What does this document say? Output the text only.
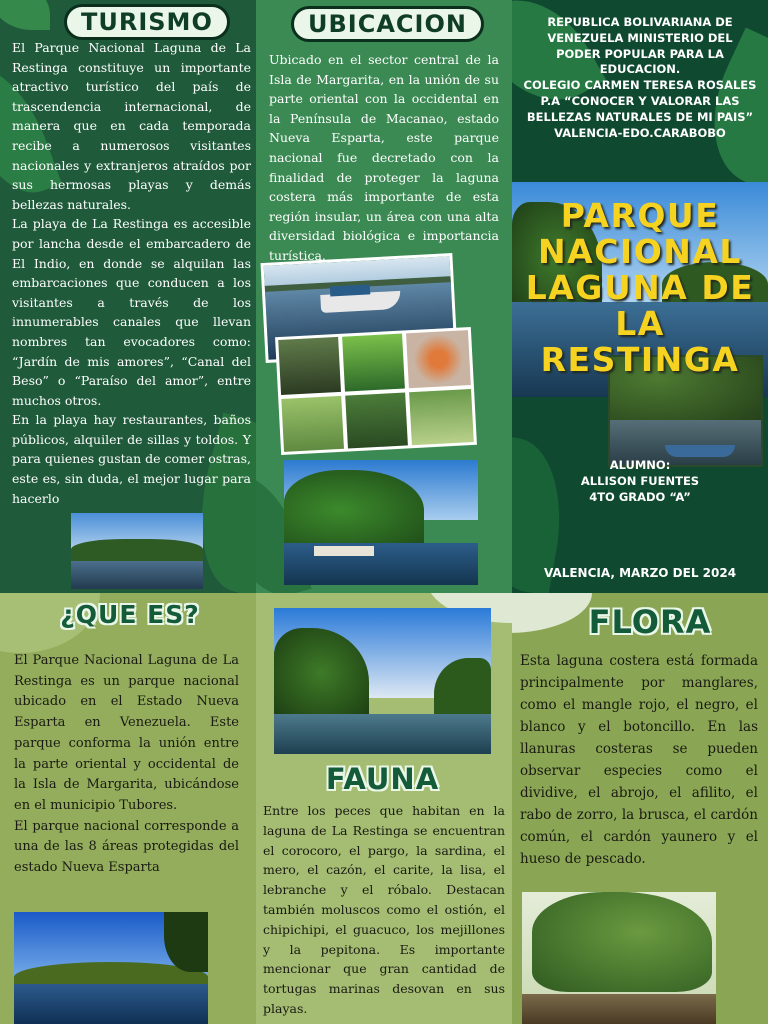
TURISMO

El Parque Nacional Laguna de La Restinga constituye un importante atractivo turístico del país de trascendencia internacional, de manera que en cada temporada recibe a numerosos visitantes nacionales y extranjeros atraídos por sus hermosas playas y demás bellezas naturales.

La playa de La Restinga es accesible por lancha desde el embarcadero de El Indio, en donde se alquilan las embarcaciones que conducen a los visitantes a través de los innumerables canales que llevan nombres tan evocadores como: “Jardín de mis amores”, “Canal del Beso” o “Paraíso del amor”, entre muchos otros.

En la playa hay restaurantes, baños públicos, alquiler de sillas y toldos. Y para quienes gustan de comer ostras, este es, sin duda, el mejor lugar para hacerlo

UBICACION
Ubicado en el sector central de la Isla de Margarita, en la unión de su parte oriental con la occidental en la Península de Macanao, estado Nueva Esparta, este parque nacional fue decretado con la finalidad de proteger la laguna costera más importante de esta región insular, un área con una alta diversidad biológica e importancia turística.
REPUBLICA BOLIVARIANA DE
VENEZUELA MINISTERIO DEL
PODER POPULAR PARA LA
EDUCACION.
COLEGIO CARMEN TERESA ROSALES
P.A “CONOCER Y VALORAR LAS
BELLEZAS NATURALES DE MI PAIS”
VALENCIA-EDO.CARABOBO
PARQUE
NACIONAL
LAGUNA DE
LA RESTINGA
ALUMNO:
ALLISON FUENTES
4TO GRADO “A”
VALENCIA, MARZO DEL 2024
¿QUE ES?

El Parque Nacional Laguna de La Restinga es un parque nacional ubicado en el Estado Nueva Esparta en Venezuela. Este parque conforma la unión entre la parte oriental y occidental de la Isla de Margarita, ubicándose en el municipio Tubores.

El parque nacional corresponde a una de las 8 áreas protegidas del estado Nueva Esparta

FAUNA
Entre los peces que habitan en la laguna de La Restinga se encuentran el corocoro, el pargo, la sardina, el mero, el cazón, el carite, la lisa, el lebranche y el róbalo. Destacan también moluscos como el ostión, el chipichipi, el guacuco, los mejillones y la pepitona. Es importante mencionar que gran cantidad de tortugas marinas desovan en sus playas.
FLORA
Esta laguna costera está formada principalmente por manglares, como el mangle rojo, el negro, el blanco y el botoncillo. En las llanuras costeras se pueden observar especies como el dividive, el abrojo, el afilito, el rabo de zorro, la brusca, el cardón común, el cardón yaunero y el hueso de pescado.
